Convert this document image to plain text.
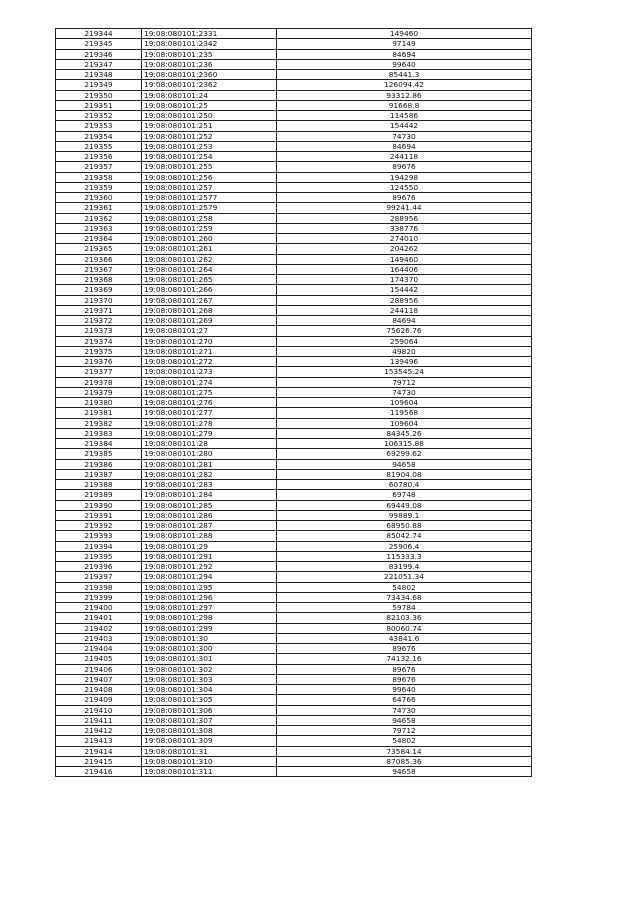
219344	19:08:080101:2331	149460
219345	19:08:080101:2342	97149
219346	19:08:080101:235	84694
219347	19:08:080101:236	99640
219348	19:08:080101:2360	85441.3
219349	19:08:080101:2362	126094.42
219350	19:08:080101:24	93312.86
219351	19:08:080101:25	91668.8
219352	19:08:080101:250	114586
219353	19:08:080101:251	154442
219354	19:08:080101:252	74730
219355	19:08:080101:253	84694
219356	19:08:080101:254	244118
219357	19:08:080101:255	89676
219358	19:08:080101:256	194298
219359	19:08:080101:257	124550
219360	19:08:080101:2577	89676
219361	19:08:080101:2579	99241.44
219362	19:08:080101:258	288956
219363	19:08:080101:259	338776
219364	19:08:080101:260	274010
219365	19:08:080101:261	204262
219366	19:08:080101:262	149460
219367	19:08:080101:264	164406
219368	19:08:080101:265	174370
219369	19:08:080101:266	154442
219370	19:08:080101:267	288956
219371	19:08:080101:268	244118
219372	19:08:080101:269	84694
219373	19:08:080101:27	75626.76
219374	19:08:080101:270	259064
219375	19:08:080101:271	49820
219376	19:08:080101:272	139496
219377	19:08:080101:273	153545.24
219378	19:08:080101:274	79712
219379	19:08:080101:275	74730
219380	19:08:080101:276	109604
219381	19:08:080101:277	119568
219382	19:08:080101:278	109604
219383	19:08:080101:279	84345.26
219384	19:08:080101:28	106315.88
219385	19:08:080101:280	69299.62
219386	19:08:080101:281	94658
219387	19:08:080101:282	81904.08
219388	19:08:080101:283	60780.4
219389	19:08:080101:284	69748
219390	19:08:080101:285	69449.08
219391	19:08:080101:286	99889.1
219392	19:08:080101:287	68950.88
219393	19:08:080101:288	85042.74
219394	19:08:080101:29	25906.4
219395	19:08:080101:291	115333.3
219396	19:08:080101:292	83199.4
219397	19:08:080101:294	221051.34
219398	19:08:080101:295	54802
219399	19:08:080101:296	73434.68
219400	19:08:080101:297	59784
219401	19:08:080101:298	82103.36
219402	19:08:080101:299	80060.74
219403	19:08:080101:30	43841.6
219404	19:08:080101:300	89676
219405	19:08:080101:301	74132.16
219406	19:08:080101:302	89676
219407	19:08:080101:303	89676
219408	19:08:080101:304	99640
219409	19:08:080101:305	64766
219410	19:08:080101:306	74730
219411	19:08:080101:307	94658
219412	19:08:080101:308	79712
219413	19:08:080101:309	54802
219414	19:08:080101:31	73584.14
219415	19:08:080101:310	87085.36
219416	19:08:080101:311	94658
